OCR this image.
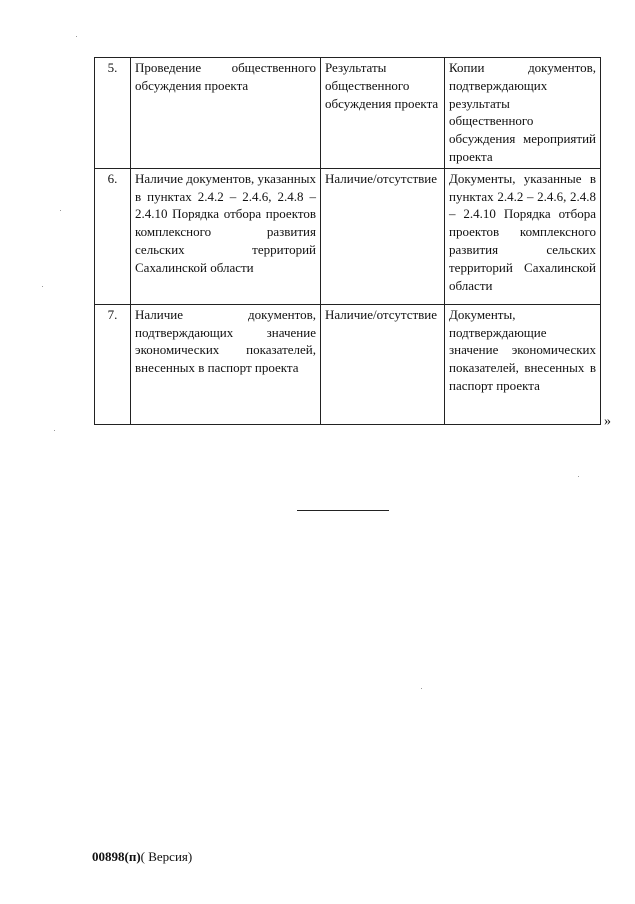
5.	Проведение общественного обсуждения проекта	Результаты общественного обсуждения проекта	Копии документов, подтверждающих результаты общественного обсуждения мероприятий проекта
6.	Наличие документов, указанных в пунктах 2.4.2 – 2.4.6, 2.4.8 – 2.4.10 Порядка отбора проектов комплексного развития сельских территорий Сахалинской области	Наличие/отсутствие	Документы, указанные в пунктах 2.4.2 – 2.4.6, 2.4.8 – 2.4.10 Порядка отбора проектов комплексного развития сельских территорий Сахалинской области
7.	Наличие документов, подтверждающих значение экономических показателей, внесенных в паспорт проекта	Наличие/отсутствие	Документы, подтверждающие значение экономических показателей, внесенных в паспорт проекта
»
00898(п)( Версия)
